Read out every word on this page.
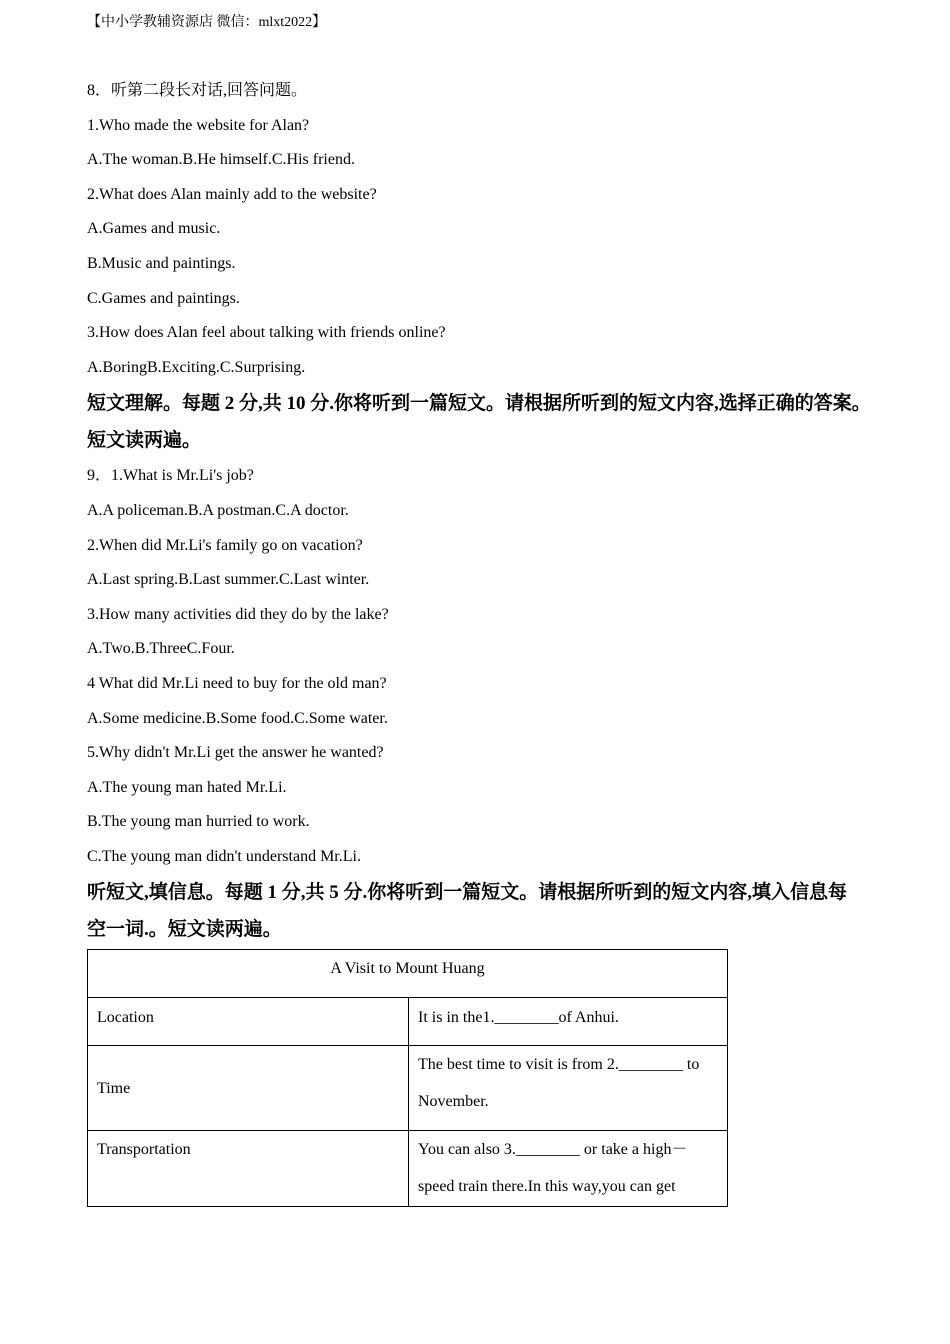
【中小学教辅资源店 微信：mlxt2022】
8．听第二段长对话,回答问题。
1.Who made the website for Alan?
A.The woman.B.He himself.C.His friend.
2.What does Alan mainly add to the website?
A.Games and music.
B.Music and paintings.
C.Games and paintings.
3.How does Alan feel about talking with friends online?
A.BoringB.Exciting.C.Surprising.
短文理解。每题 2 分,共 10 分.你将听到一篇短文。请根据所听到的短文内容,选择正确的答案。
短文读两遍。
9．1.What is Mr.Li's job?
A.A policeman.B.A postman.C.A doctor.
2.When did Mr.Li's family go on vacation?
A.Last spring.B.Last summer.C.Last winter.
3.How many activities did they do by the lake?
A.Two.B.ThreeC.Four.
4 What did Mr.Li need to buy for the old man?
A.Some medicine.B.Some food.C.Some water.
5.Why didn't Mr.Li get the answer he wanted?
A.The young man hated Mr.Li.
B.The young man hurried to work.
C.The young man didn't understand Mr.Li.
听短文,填信息。每题 1 分,共 5 分.你将听到一篇短文。请根据所听到的短文内容,填入信息每
空一词.。短文读两遍。
A Visit to Mount Huang	
Location	It is in the1.________of Anhui.

Time	The best time to visit is from 2.________ to
November.

Transportation	You can also 3.________ or take a high－
speed train there.In this way,you can get
